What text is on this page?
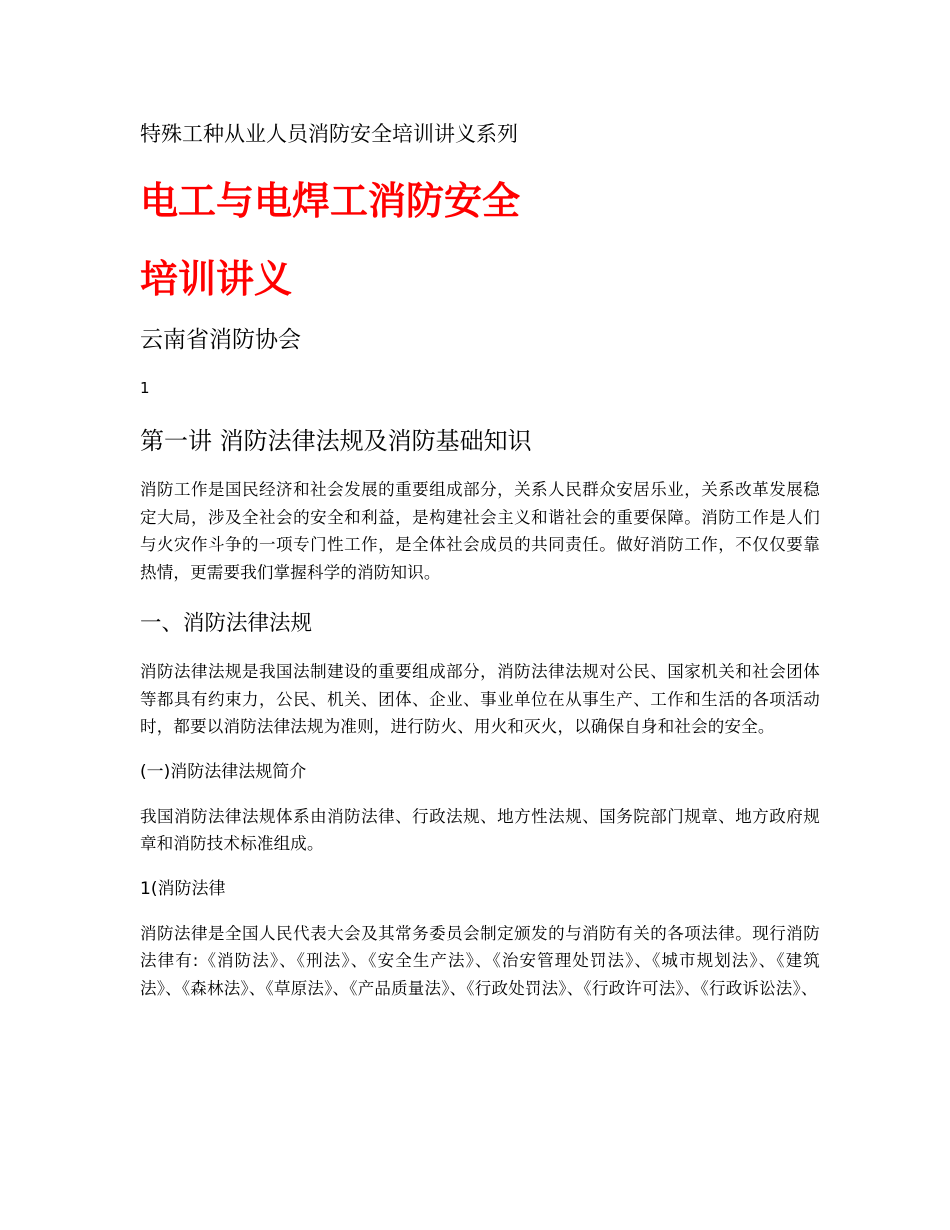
特殊工种从业人员消防安全培训讲义系列

电工与电焊工消防安全

培训讲义

云南省消防协会

1

第一讲 消防法律法规及消防基础知识

消防工作是国民经济和社会发展的重要组成部分，关系人民群众安居乐业，关系改革发展稳定大局，涉及全社会的安全和利益，是构建社会主义和谐社会的重要保障。消防工作是人们与火灾作斗争的一项专门性工作，是全体社会成员的共同责任。做好消防工作，不仅仅要靠热情，更需要我们掌握科学的消防知识。

一、消防法律法规

消防法律法规是我国法制建设的重要组成部分，消防法律法规对公民、国家机关和社会团体等都具有约束力，公民、机关、团体、企业、事业单位在从事生产、工作和生活的各项活动时，都要以消防法律法规为准则，进行防火、用火和灭火，以确保自身和社会的安全。

(一)消防法律法规简介

我国消防法律法规体系由消防法律、行政法规、地方性法规、国务院部门规章、地方政府规章和消防技术标准组成。

1(消防法律

消防法律是全国人民代表大会及其常务委员会制定颁发的与消防有关的各项法律。现行消防法律有:《消防法》、《刑法》、《安全生产法》、《治安管理处罚法》、《城市规划法》、《建筑法》、《森林法》、《草原法》、《产品质量法》、《行政处罚法》、《行政许可法》、《行政诉讼法》、
